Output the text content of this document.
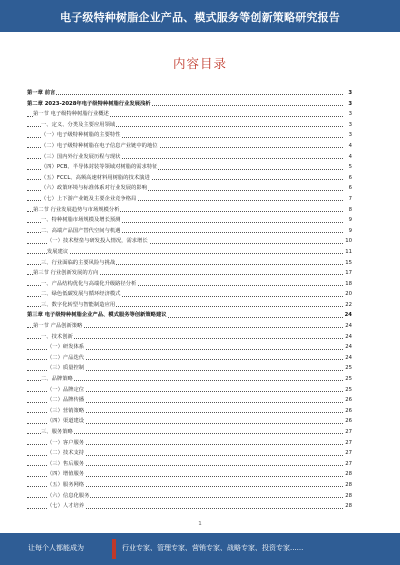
电子级特种树脂企业产品、模式服务等创新策略研究报告
内容目录
第一章 前言	3
第二章 2023-2028年电子级特种树脂行业发展浅析	3
第一节 电子级特种树脂行业概述	3
一、定义、分类及主要应用领域	3
（一）电子级特种树脂的主要特性	3
（二）电子级特种树脂在电子信息产业链中的地位	4
（三）国内外行业发展历程与现状	4
（四）PCB、半导体封装等领域对树脂的需求特征	5
（五）FCCL、高频高速材料用树脂的技术演进	6
（六）政策环境与标准体系对行业发展的影响	6
（七）上下游产业链及主要企业竞争格局	7
第二节 行业发展趋势与市场规模分析	8
一、特种树脂市场规模及增长预测	9
二、高端产品国产替代空间与机遇	9
（一）技术壁垒与研发投入情况，需求增长	10
发展建议	11
三、行业面临的主要风险与挑战	15
第三节 行业创新发展的方向	17
一、产品结构优化与高端化升级路径分析	18
二、绿色低碳发展与循环经济模式	20
三、数字化转型与智能制造应用	22
第三章 电子级特种树脂企业产品、模式服务等创新策略建议	24
第一节 产品创新策略	24
一、技术创新	24
（一）研发体系	24
（二）产品迭代	24
（三）质量控制	25
二、品牌策略	25
（一）品牌定位	25
（二）品牌传播	26
（三）营销策略	26
（四）渠道建设	26
三、服务策略	27
（一）客户服务	27
（二）技术支持	27
（三）售后服务	27
（四）增值服务	28
（五）服务网络	28
（六）信息化服务	28
（七）人才培养	28
1
让每个人都能成为	行业专家、管理专家、营销专家、战略专家、投资专家......
